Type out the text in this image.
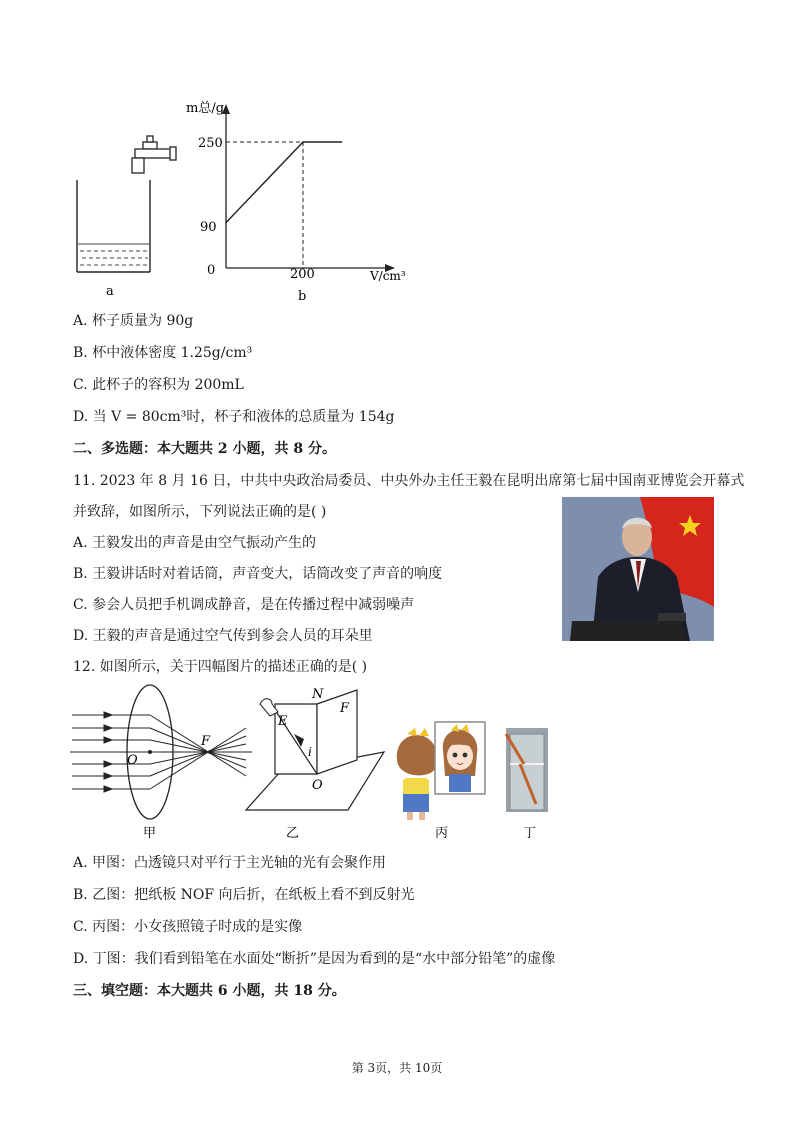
a
m总/g
V/cm³
0
250
90
200
b
A. 杯子质量为 90g
B. 杯中液体密度 1.25g/cm³
C. 此杯子的容积为 200mL
D. 当 V = 80cm³时，杯子和液体的总质量为 154g
二、多选题：本大题共 2 小题，共 8 分。
11. 2023 年 8 月 16 日，中共中央政治局委员、中央外办主任王毅在昆明出席第七届中国南亚博览会开幕式
并致辞，如图所示，下列说法正确的是( )
A. 王毅发出的声音是由空气振动产生的
B. 王毅讲话时对着话筒，声音变大，话筒改变了声音的响度
C. 参会人员把手机调成静音，是在传播过程中减弱噪声
D. 王毅的声音是通过空气传到参会人员的耳朵里
12. 如图所示，关于四幅图片的描述正确的是( )
O
F
甲
N
F
E
i
O
乙	丙	丁
A. 甲图：凸透镜只对平行于主光轴的光有会聚作用
B. 乙图：把纸板 NOF 向后折，在纸板上看不到反射光
C. 丙图：小女孩照镜子时成的是实像
D. 丁图：我们看到铅笔在水面处“断折”是因为看到的是“水中部分铅笔”的虚像
三、填空题：本大题共 6 小题，共 18 分。
第 3页，共 10页
